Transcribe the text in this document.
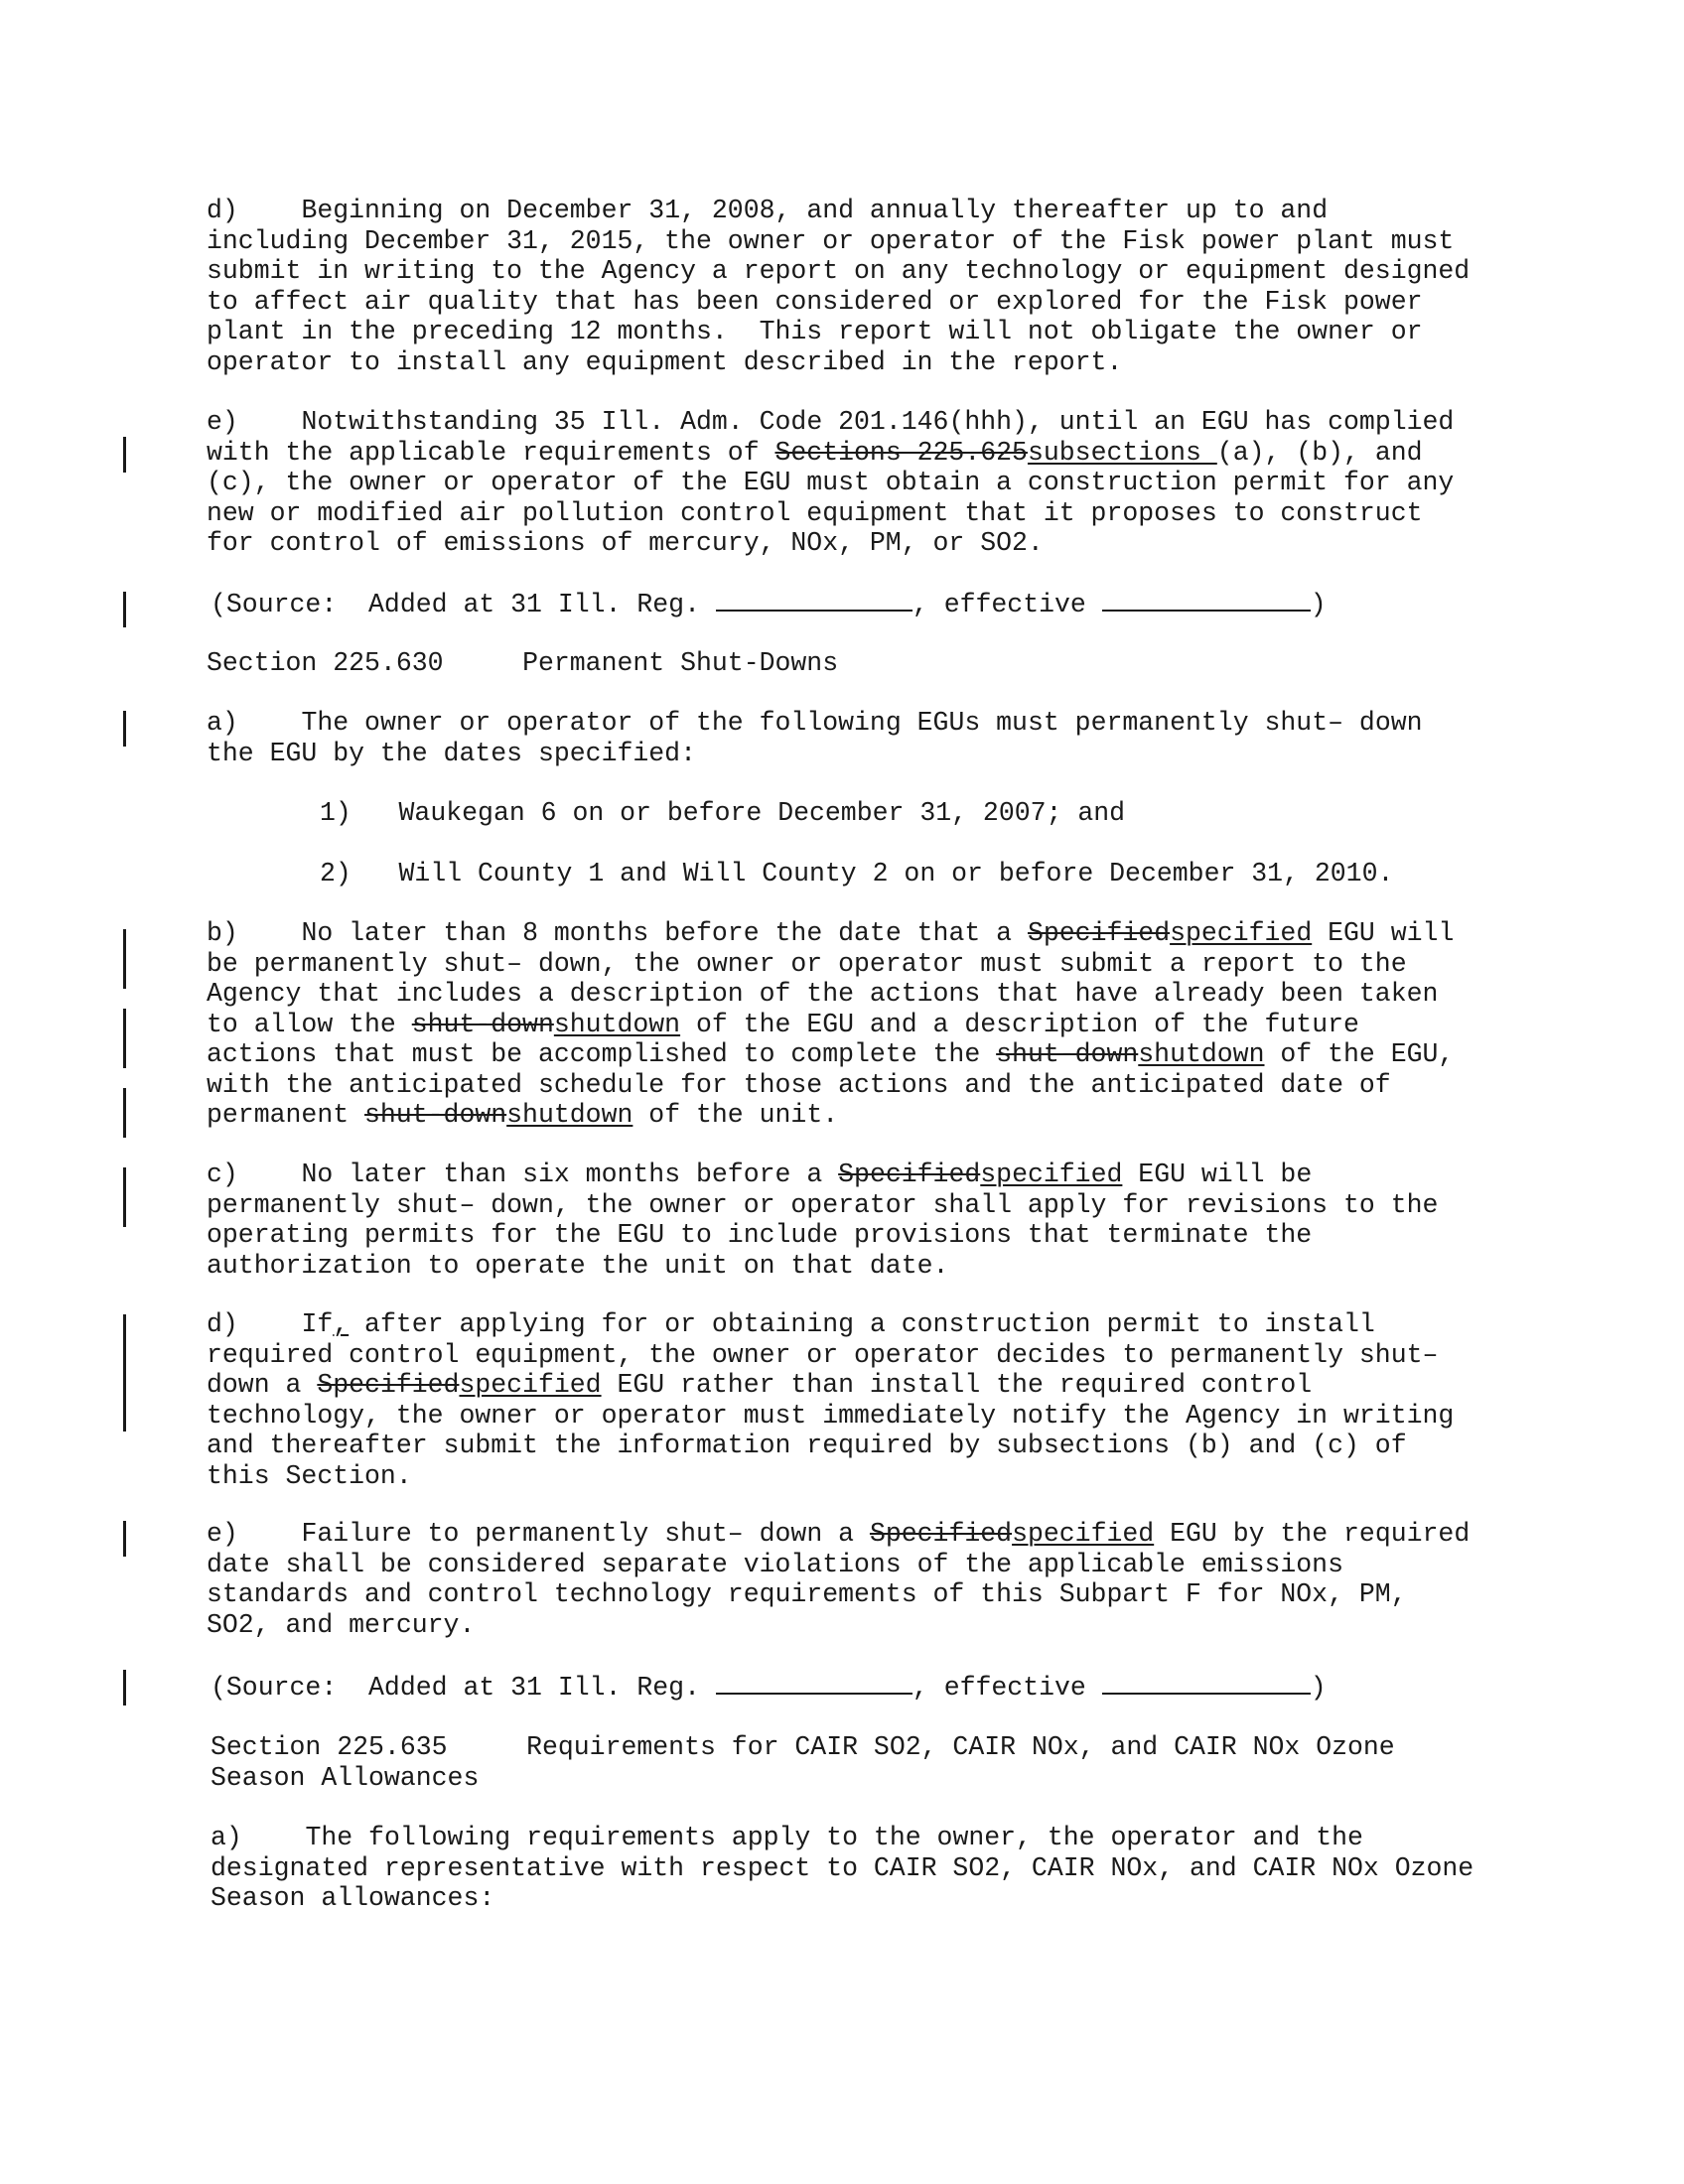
d) Beginning on December 31, 2008, and annually thereafter up to and
including December 31, 2015, the owner or operator of the Fisk power plant must
submit in writing to the Agency a report on any technology or equipment designed
to affect air quality that has been considered or explored for the Fisk power
plant in the preceding 12 months.  This report will not obligate the owner or
operator to install any equipment described in the report.
e) Notwithstanding 35 Ill. Adm. Code 201.146(hhh), until an EGU has complied
with the applicable requirements of Sections 225.625subsections (a), (b), and
(c), the owner or operator of the EGU must obtain a construction permit for any
new or modified air pollution control equipment that it proposes to construct
for control of emissions of mercury, NOx, PM, or SO2.
(Source:  Added at 31 Ill. Reg.	, effective	)
Section 225.630	Permanent Shut-Downs
a) The owner or operator of the following EGUs must permanently shut– down
the EGU by the dates specified:
1) Waukegan 6 on or before December 31, 2007; and
2) Will County 1 and Will County 2 on or before December 31, 2010.
b) No later than 8 months before the date that a Specifiedspecified EGU will
be permanently shut– down, the owner or operator must submit a report to the
Agency that includes a description of the actions that have already been taken
to allow the shut-downshutdown of the EGU and a description of the future
actions that must be accomplished to complete the shut-downshutdown of the EGU,
with the anticipated schedule for those actions and the anticipated date of
permanent shut-downshutdown of the unit.
c) No later than six months before a Specifiedspecified EGU will be
permanently shut– down, the owner or operator shall apply for revisions to the
operating permits for the EGU to include provisions that terminate the
authorization to operate the unit on that date.
d) If, after applying for or obtaining a construction permit to install
required control equipment, the owner or operator decides to permanently shut–
down a Specifiedspecified EGU rather than install the required control
technology, the owner or operator must immediately notify the Agency in writing
and thereafter submit the information required by subsections (b) and (c) of
this Section.
e) Failure to permanently shut– down a Specifiedspecified EGU by the required
date shall be considered separate violations of the applicable emissions
standards and control technology requirements of this Subpart F for NOx, PM,
SO2, and mercury.
(Source:  Added at 31 Ill. Reg.	, effective	)
Section 225.635	Requirements for CAIR SO2, CAIR NOx, and CAIR NOx Ozone
Season Allowances
a) The following requirements apply to the owner, the operator and the
designated representative with respect to CAIR SO2, CAIR NOx, and CAIR NOx Ozone
Season allowances:
